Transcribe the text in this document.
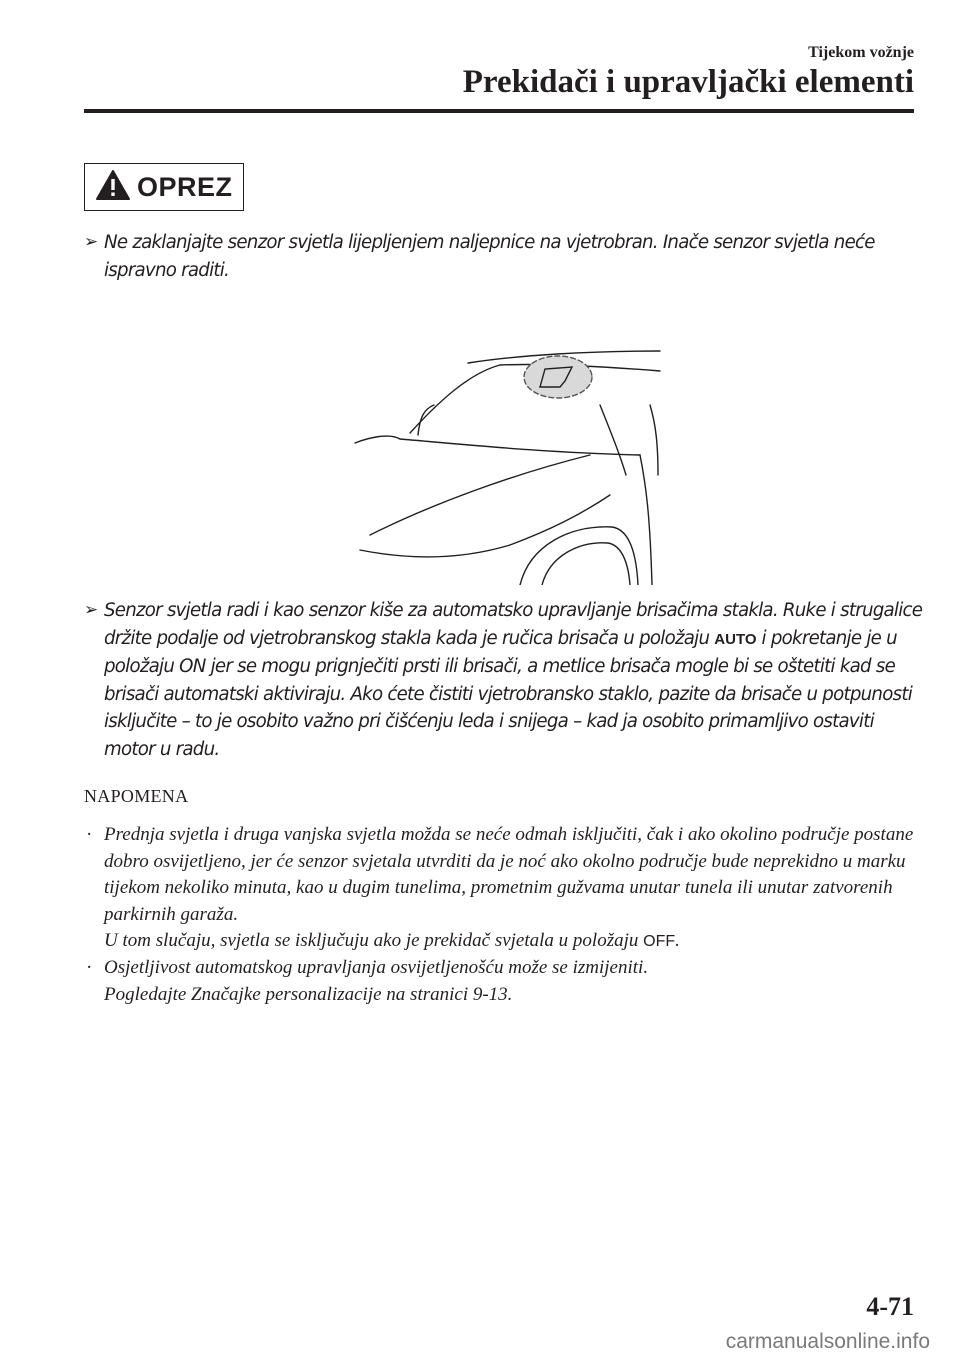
Tijekom vožnje
Prekidači i upravljački elementi
OPREZ
➢ Ne zaklanjajte senzor svjetla lijepljenjem naljepnice na vjetrobran. Inače senzor svjetla neće ispravno raditi.
➢ Senzor svjetla radi i kao senzor kiše za automatsko upravljanje brisačima stakla. Ruke i strugalice držite podalje od vjetrobranskog stakla kada je ručica brisača u položaju AUTO i pokretanje je u položaju ON jer se mogu prignječiti prsti ili brisači, a metlice brisača mogle bi se oštetiti kad se brisači automatski aktiviraju. Ako ćete čistiti vjetrobransko staklo, pazite da brisače u potpunosti isključite – to je osobito važno pri čišćenju leda i snijega – kad ja osobito primamljivo ostaviti motor u radu.
NAPOMENA
· Prednja svjetla i druga vanjska svjetla možda se neće odmah isključiti, čak i ako okolino područje postane dobro osvijetljeno, jer će senzor svjetala utvrditi da je noć ako okolno područje bude neprekidno u marku tijekom nekoliko minuta, kao u dugim tunelima, prometnim gužvama unutar tunela ili unutar zatvorenih parkirnih garaža.
U tom slučaju, svjetla se isključuju ako je prekidač svjetala u položaju OFF.
· Osjetljivost automatskog upravljanja osvijetljenošću može se izmijeniti.
Pogledajte Značajke personalizacije na stranici 9-13.
4-71
carmanualsonline.info
